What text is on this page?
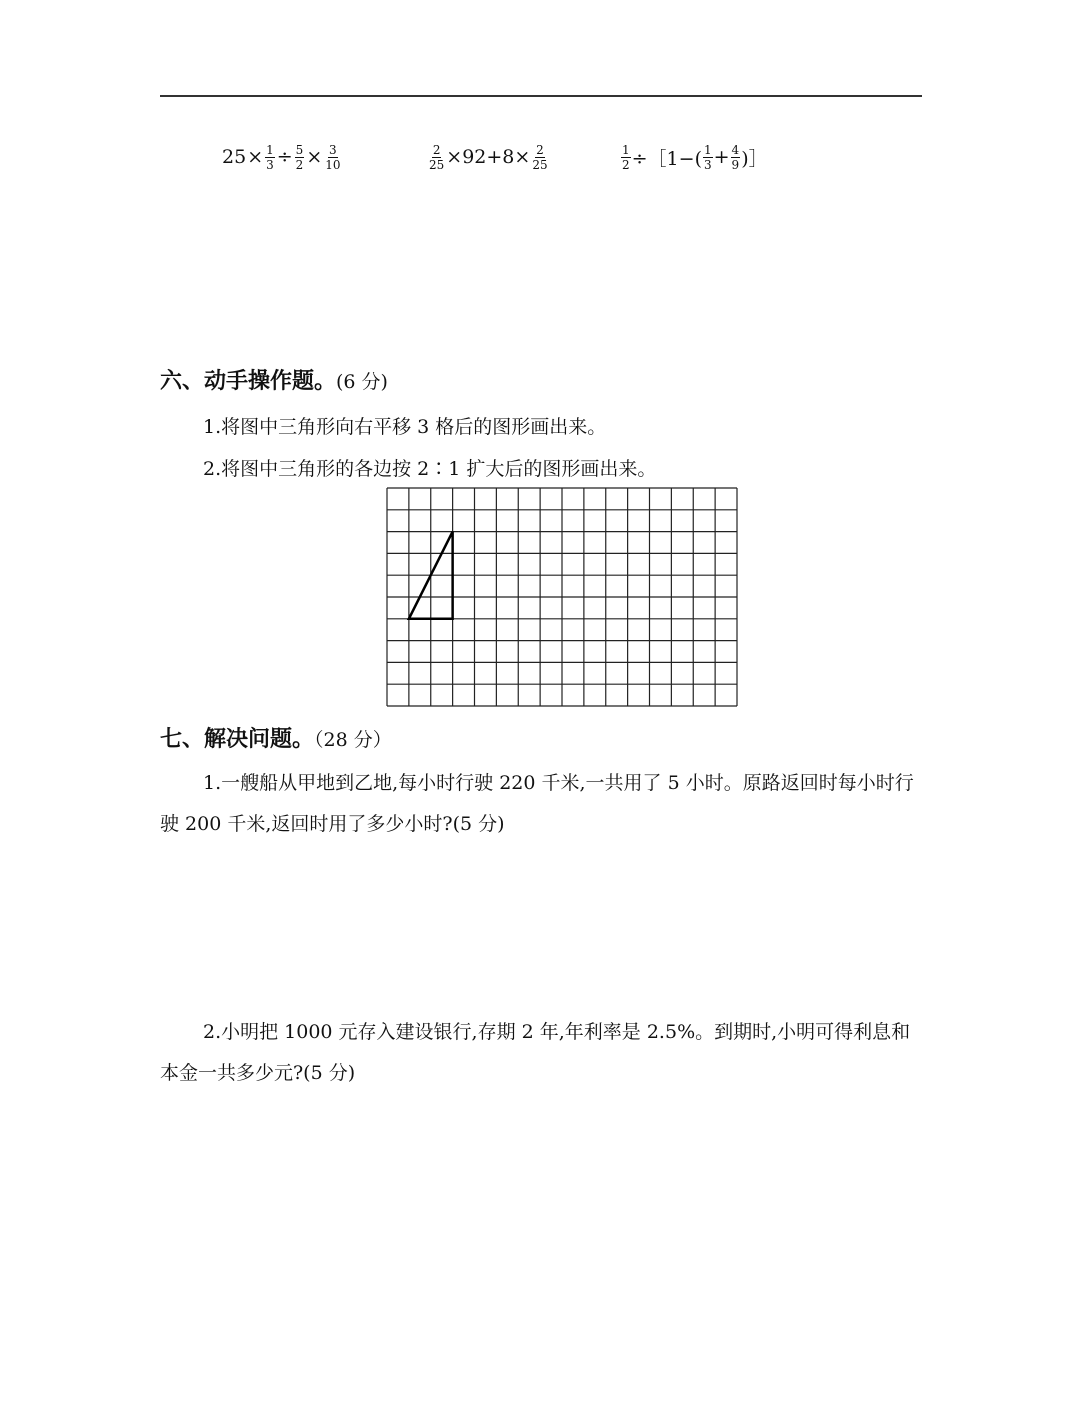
$25 \times \frac{1}{3} \div \frac{5}{2} \times \frac{3}{10}$	$\frac{2}{25} \times 92+8\times \frac{2}{25}$	$\frac{1}{2}$ ÷［1−( $\frac{1}{3} + \frac{4}{9}$ )］
六、动手操作题。(6 分)
1.将图中三角形向右平移 3 格后的图形画出来。
2.将图中三角形的各边按 2∶1 扩大后的图形画出来。
七、解决问题。（28 分）
1.一艘船从甲地到乙地,每小时行驶 220 千米,一共用了 5 小时。原路返回时每小时行驶 200 千米,返回时用了多少小时?(5 分)
2.小明把 1000 元存入建设银行,存期 2 年,年利率是 2.5%。到期时,小明可得利息和本金一共多少元?(5 分)
